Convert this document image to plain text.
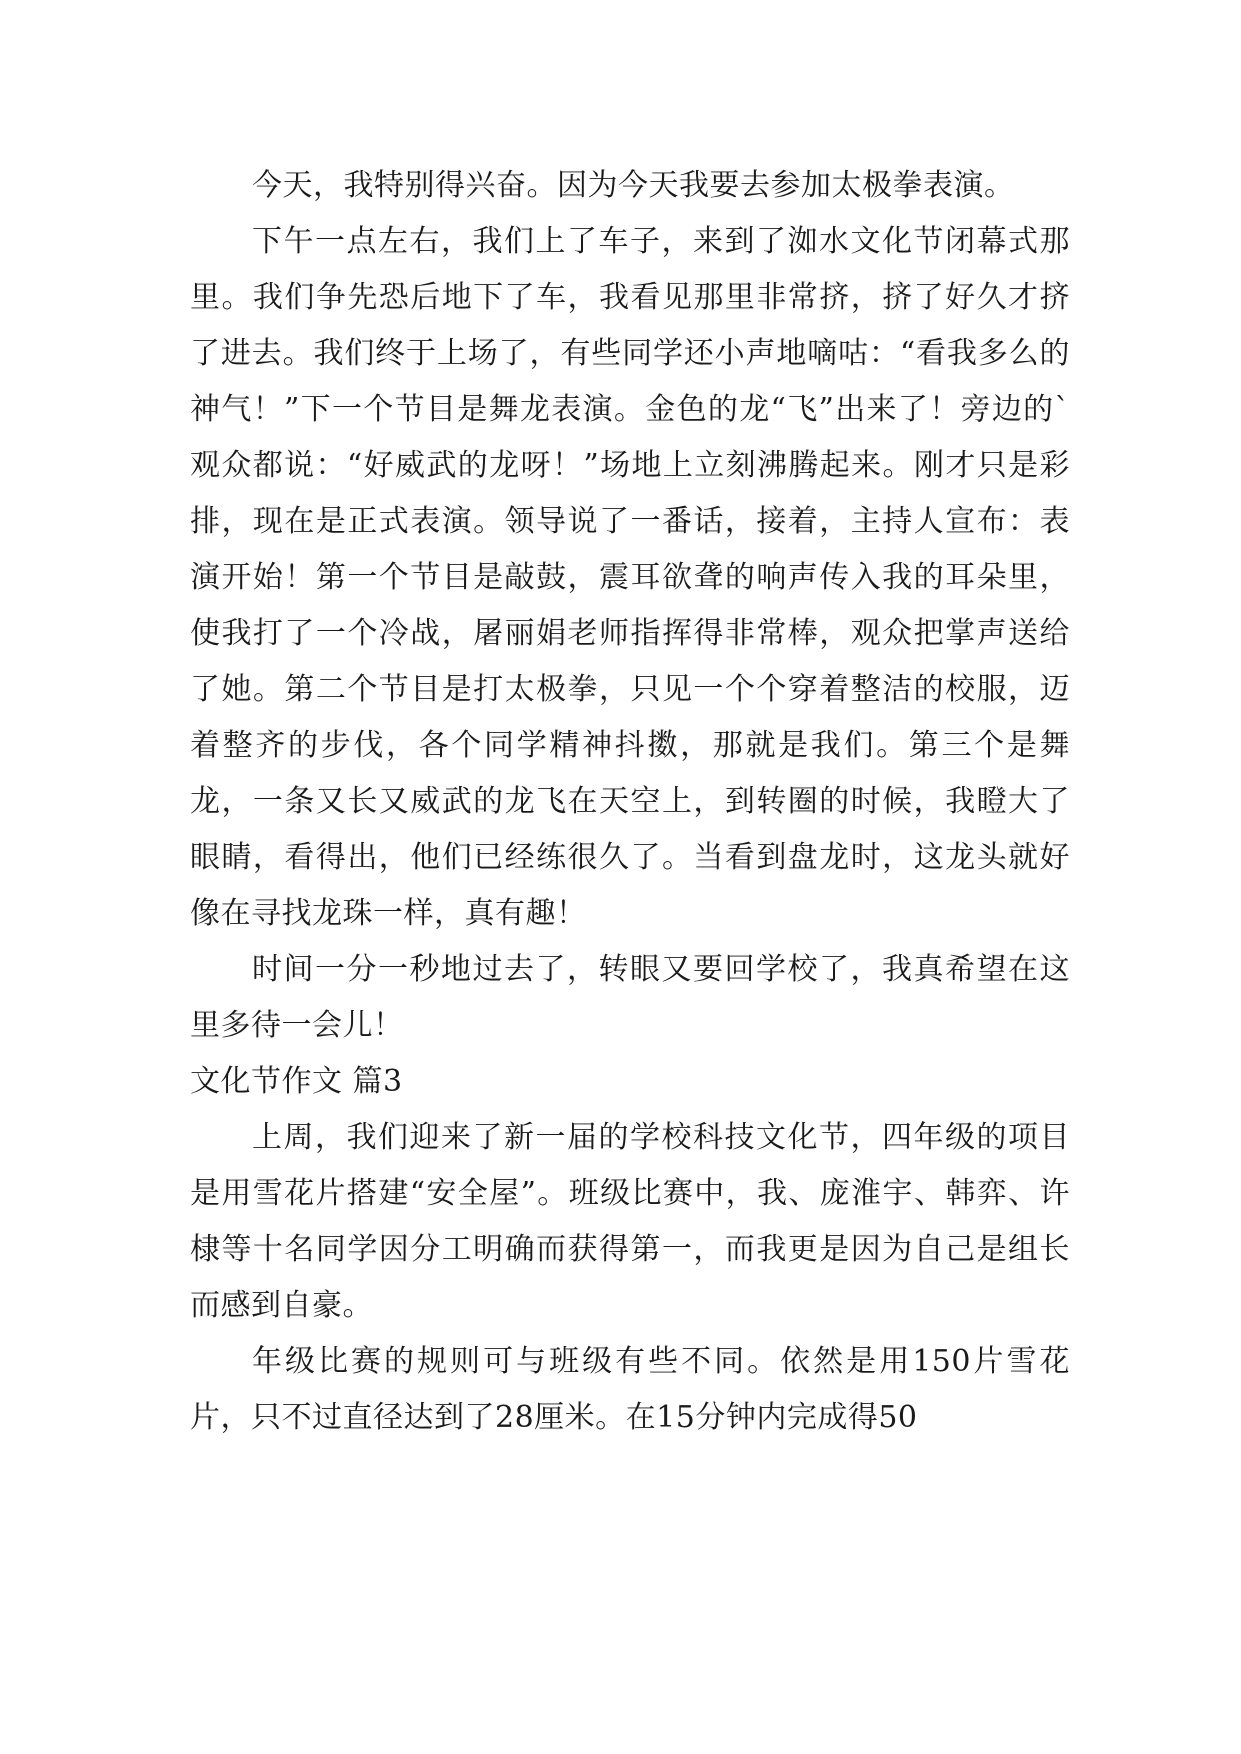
今天，我特别得兴奋。因为今天我要去参加太极拳表演。

下午一点左右，我们上了车子，来到了洳水文化节闭幕式那里。我们争先恐后地下了车，我看见那里非常挤，挤了好久才挤了进去。我们终于上场了，有些同学还小声地嘀咕：“看我多么的神气！”下一个节目是舞龙表演。金色的龙“飞”出来了！旁边的`观众都说：“好威武的龙呀！”场地上立刻沸腾起来。刚才只是彩排，现在是正式表演。领导说了一番话，接着，主持人宣布：表演开始！第一个节目是敲鼓，震耳欲聋的响声传入我的耳朵里，使我打了一个冷战，屠丽娟老师指挥得非常棒，观众把掌声送给了她。第二个节目是打太极拳，只见一个个穿着整洁的校服，迈着整齐的步伐，各个同学精神抖擞，那就是我们。第三个是舞龙，一条又长又威武的龙飞在天空上，到转圈的时候，我瞪大了眼睛，看得出，他们已经练很久了。当看到盘龙时，这龙头就好像在寻找龙珠一样，真有趣！

时间一分一秒地过去了，转眼又要回学校了，我真希望在这里多待一会儿！

文化节作文 篇3

上周，我们迎来了新一届的学校科技文化节，四年级的项目是用雪花片搭建“安全屋”。班级比赛中，我、庞淮宇、韩弈、许棣等十名同学因分工明确而获得第一，而我更是因为自己是组长而感到自豪。

年级比赛的规则可与班级有些不同。依然是用150片雪花片，只不过直径达到了28厘米。在15分钟内完成得50
